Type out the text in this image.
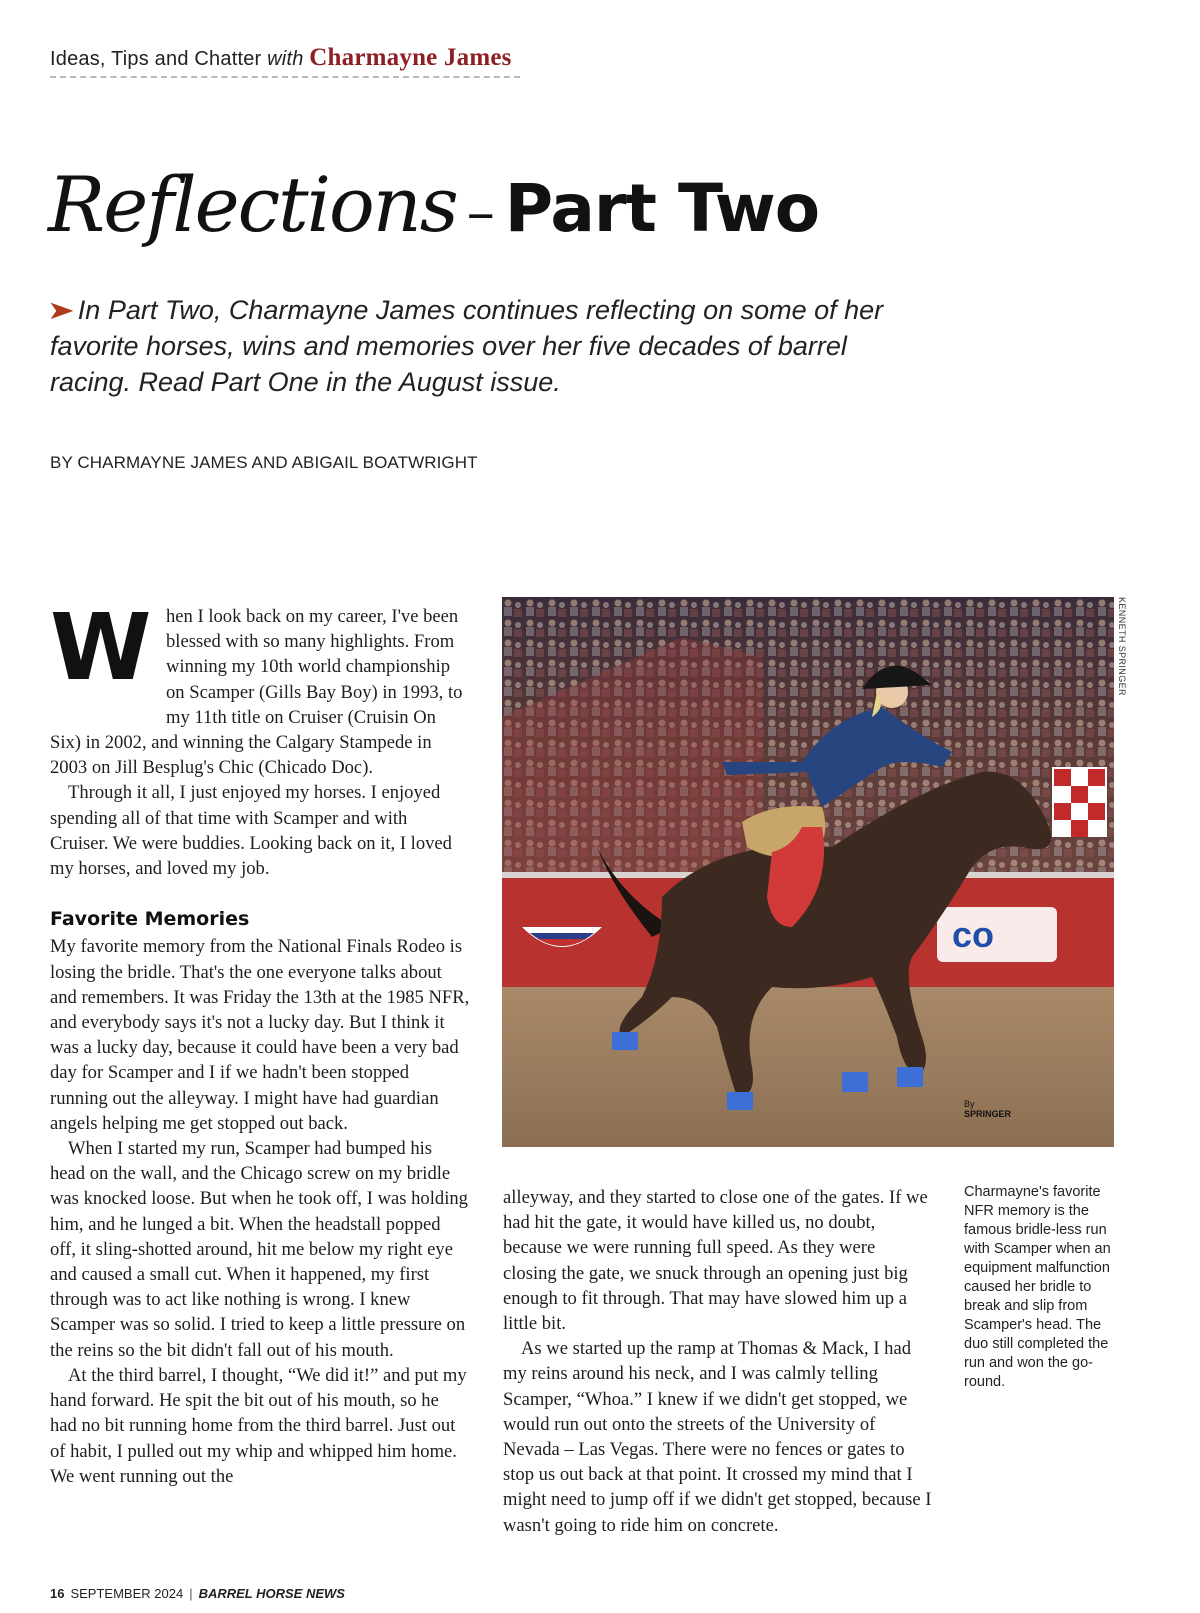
Ideas, Tips and Chatter with Charmayne James
Reflections – Part Two
➤ In Part Two, Charmayne James continues reflecting on some of her favorite horses, wins and memories over her five decades of barrel racing. Read Part One in the August issue.
BY CHARMAYNE JAMES AND ABIGAIL BOATWRIGHT
W hen I look back on my career, I've been blessed with so many highlights. From winning my 10th world championship on Scamper (Gills Bay Boy) in 1993, to my 11th title on Cruiser (Cruisin On Six) in 2002, and winning the Calgary Stampede in 2003 on Jill Besplug's Chic (Chicado Doc).

Through it all, I just enjoyed my horses. I enjoyed spending all of that time with Scamper and with Cruiser. We were buddies. Looking back on it, I loved my horses, and loved my job.

Favorite Memories

My favorite memory from the National Finals Rodeo is losing the bridle. That's the one everyone talks about and remembers. It was Friday the 13th at the 1985 NFR, and everybody says it's not a lucky day. But I think it was a lucky day, because it could have been a very bad day for Scamper and I if we hadn't been stopped running out the alleyway. I might have had guardian angels helping me get stopped out back.

When I started my run, Scamper had bumped his head on the wall, and the Chicago screw on my bridle was knocked loose. But when he took off, I was holding him, and he lunged a bit. When the headstall popped off, it sling-shotted around, hit me below my right eye and caused a small cut. When it happened, my first through was to act like nothing is wrong. I knew Scamper was so solid. I tried to keep a little pressure on the reins so the bit didn't fall out of his mouth.

At the third barrel, I thought, “We did it!” and put my hand forward. He spit the bit out of his mouth, so he had no bit running home from the third barrel. Just out of habit, I pulled out my whip and whipped him home. We went running out the

co
By
SPRINGER
KENNETH SPRINGER

alleyway, and they started to close one of the gates. If we had hit the gate, it would have killed us, no doubt, because we were running full speed. As they were closing the gate, we snuck through an opening just big enough to fit through. That may have slowed him up a little bit.

As we started up the ramp at Thomas & Mack, I had my reins around his neck, and I was calmly telling Scamper, “Whoa.” I knew if we didn't get stopped, we would run out onto the streets of the University of Nevada – Las Vegas. There were no fences or gates to stop us out back at that point. It crossed my mind that I might need to jump off if we didn't get stopped, because I wasn't going to ride him on concrete.

Charmayne's favorite NFR memory is the famous bridle-less run with Scamper when an equipment malfunction caused her bridle to break and slip from Scamper's head. The duo still completed the run and won the go-round.
16 SEPTEMBER 2024 | BARREL HORSE NEWS
